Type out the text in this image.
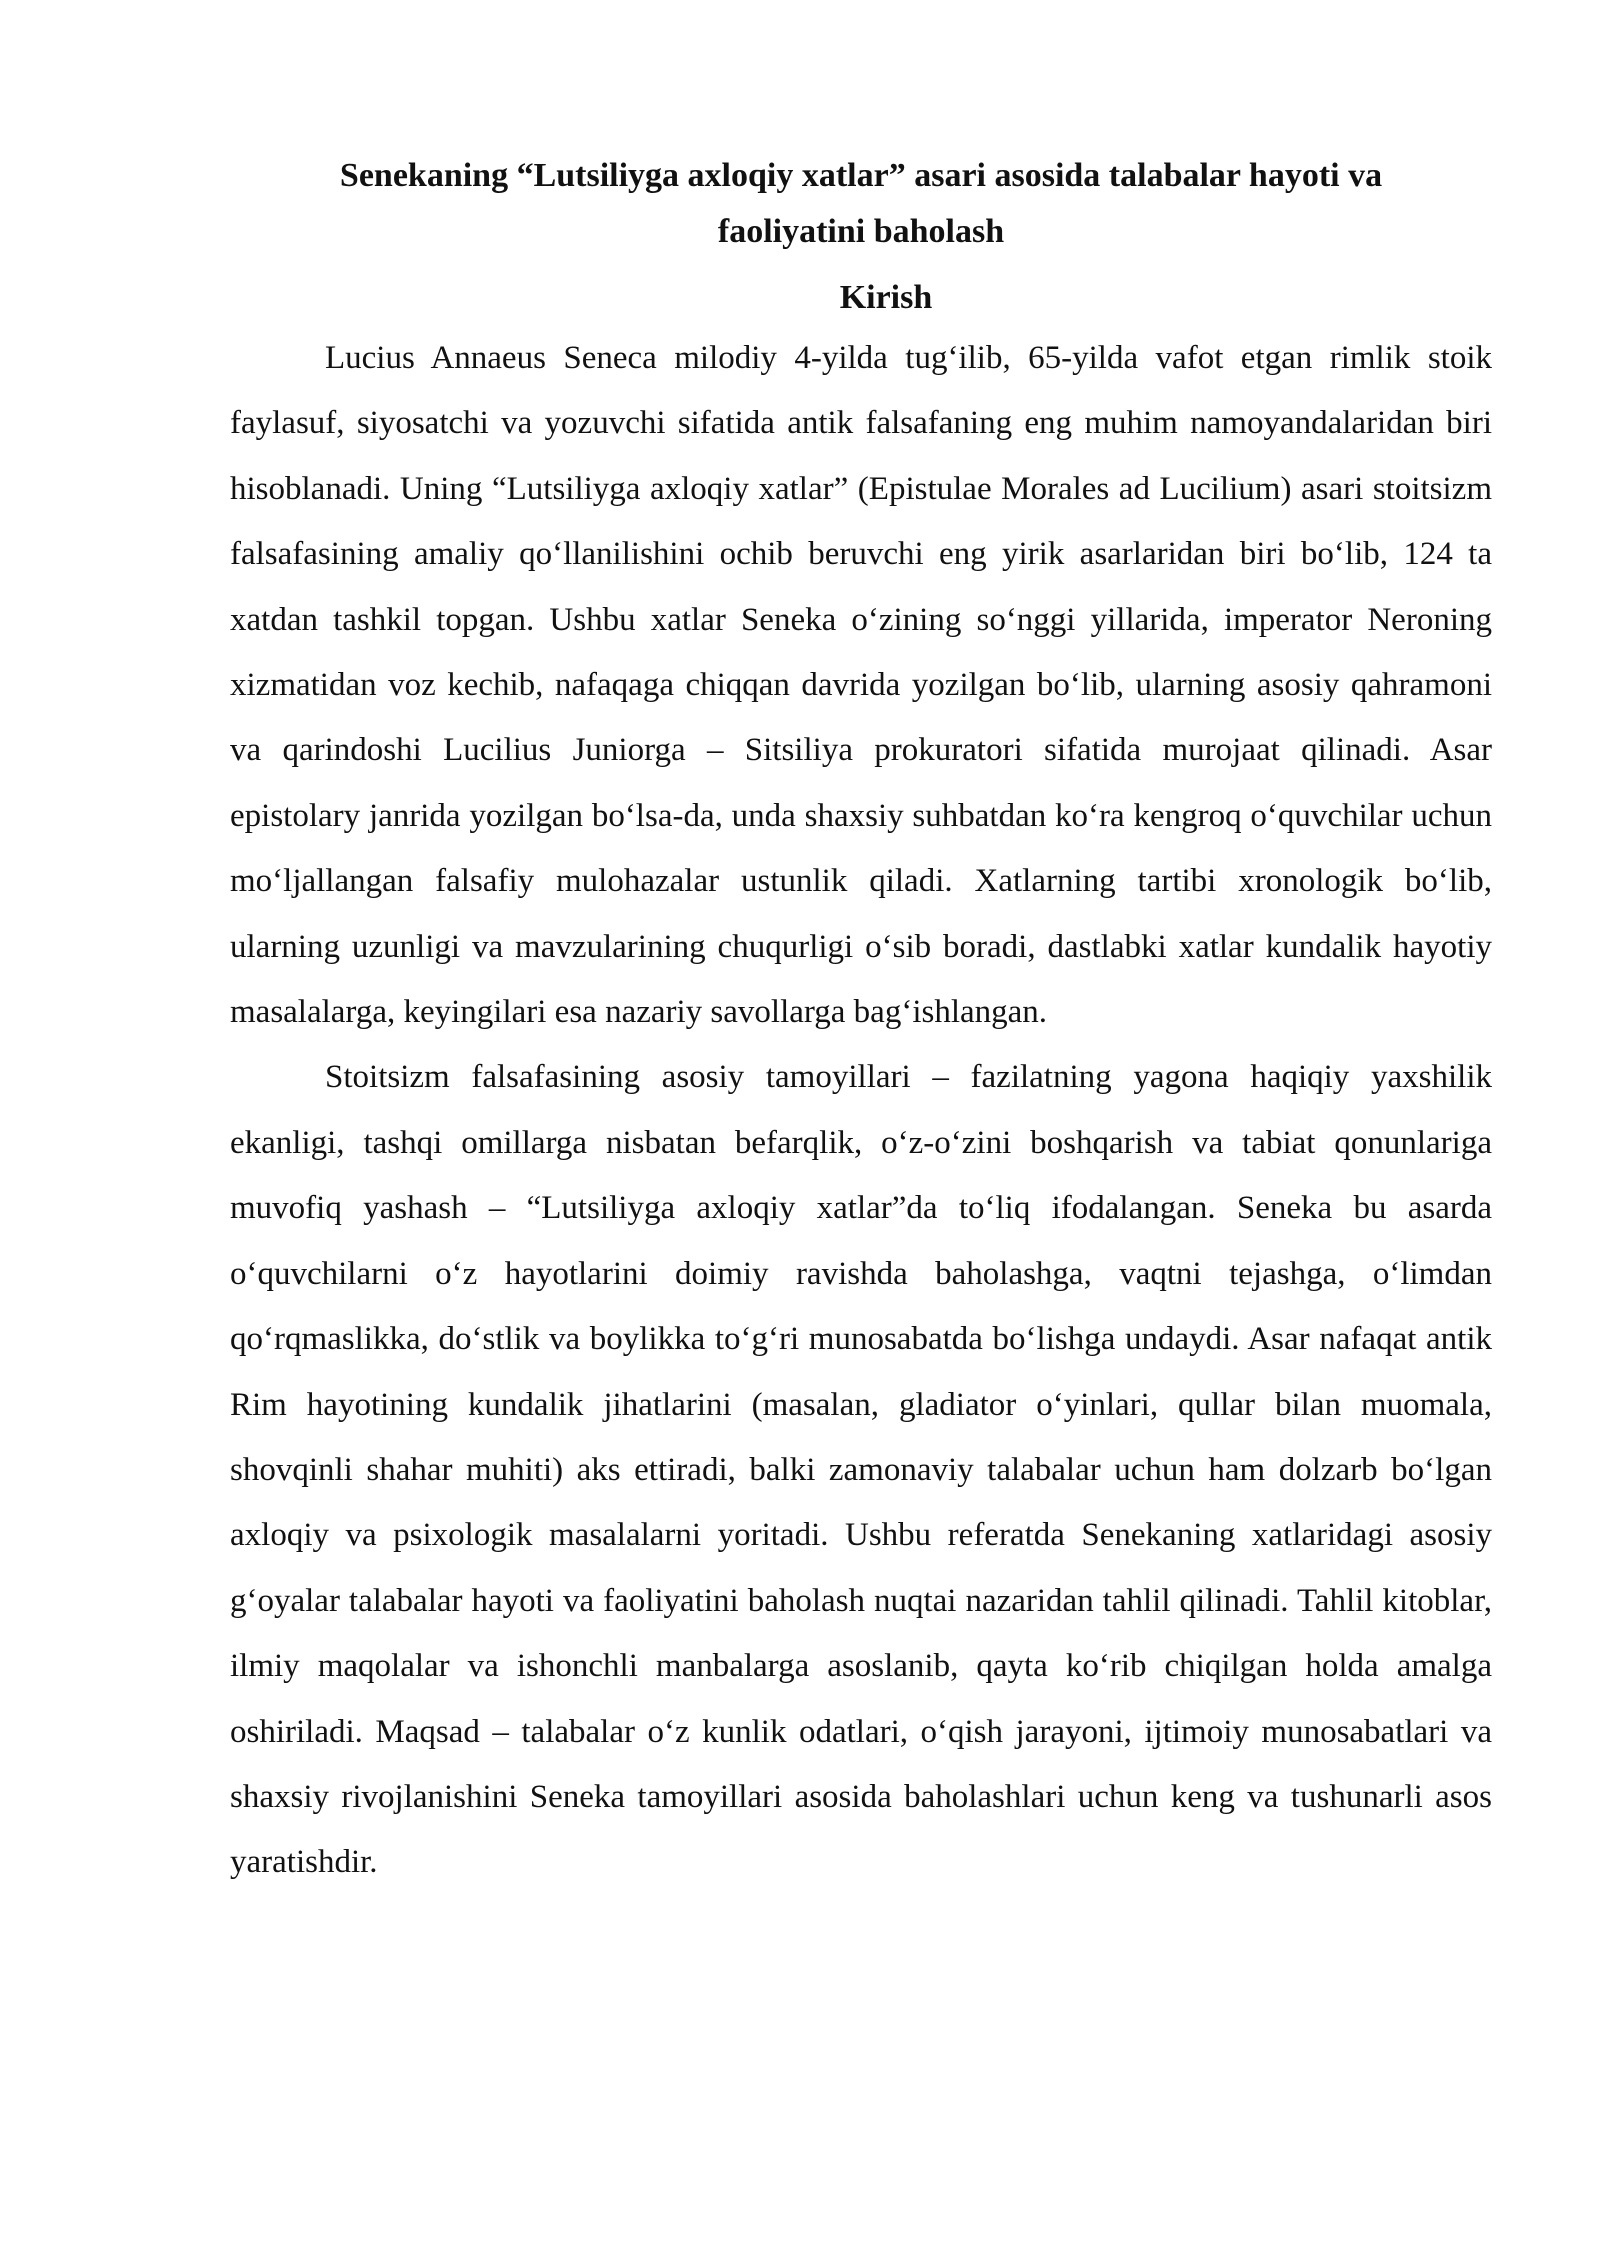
Senekaning “Lutsiliyga axloqiy xatlar” asari asosida talabalar hayoti va faoliyatini baholash
Kirish

Lucius Annaeus Seneca milodiy 4-yilda tug‘ilib, 65-yilda vafot etgan rimlik stoik faylasuf, siyosatchi va yozuvchi sifatida antik falsafaning eng muhim namoyandalaridan biri hisoblanadi. Uning “Lutsiliyga axloqiy xatlar” (Epistulae Morales ad Lucilium) asari stoitsizm falsafasining amaliy qo‘llanilishini ochib beruvchi eng yirik asarlaridan biri bo‘lib, 124 ta xatdan tashkil topgan. Ushbu xatlar Seneka o‘zining so‘nggi yillarida, imperator Neroning xizmatidan voz kechib, nafaqaga chiqqan davrida yozilgan bo‘lib, ularning asosiy qahramoni va qarindoshi Lucilius Juniorga – Sitsiliya prokuratori sifatida murojaat qilinadi. Asar epistolary janrida yozilgan bo‘lsa-da, unda shaxsiy suhbatdan ko‘ra kengroq o‘quvchilar uchun mo‘ljallangan falsafiy mulohazalar ustunlik qiladi. Xatlarning tartibi xronologik bo‘lib, ularning uzunligi va mavzularining chuqurligi o‘sib boradi, dastlabki xatlar kundalik hayotiy masalalarga, keyingilari esa nazariy savollarga bag‘ishlangan.

Stoitsizm falsafasining asosiy tamoyillari – fazilatning yagona haqiqiy yaxshilik ekanligi, tashqi omillarga nisbatan befarqlik, o‘z-o‘zini boshqarish va tabiat qonunlariga muvofiq yashash – “Lutsiliyga axloqiy xatlar”da to‘liq ifodalangan. Seneka bu asarda o‘quvchilarni o‘z hayotlarini doimiy ravishda baholashga, vaqtni tejashga, o‘limdan qo‘rqmaslikka, do‘stlik va boylikka to‘g‘ri munosabatda bo‘lishga undaydi. Asar nafaqat antik Rim hayotining kundalik jihatlarini (masalan, gladiator o‘yinlari, qullar bilan muomala, shovqinli shahar muhiti) aks ettiradi, balki zamonaviy talabalar uchun ham dolzarb bo‘lgan axloqiy va psixologik masalalarni yoritadi. Ushbu referatda Senekaning xatlaridagi asosiy g‘oyalar talabalar hayoti va faoliyatini baholash nuqtai nazaridan tahlil qilinadi. Tahlil kitoblar, ilmiy maqolalar va ishonchli manbalarga asoslanib, qayta ko‘rib chiqilgan holda amalga oshiriladi. Maqsad – talabalar o‘z kunlik odatlari, o‘qish jarayoni, ijtimoiy munosabatlari va shaxsiy rivojlanishini Seneka tamoyillari asosida baholashlari uchun keng va tushunarli asos yaratishdir.
